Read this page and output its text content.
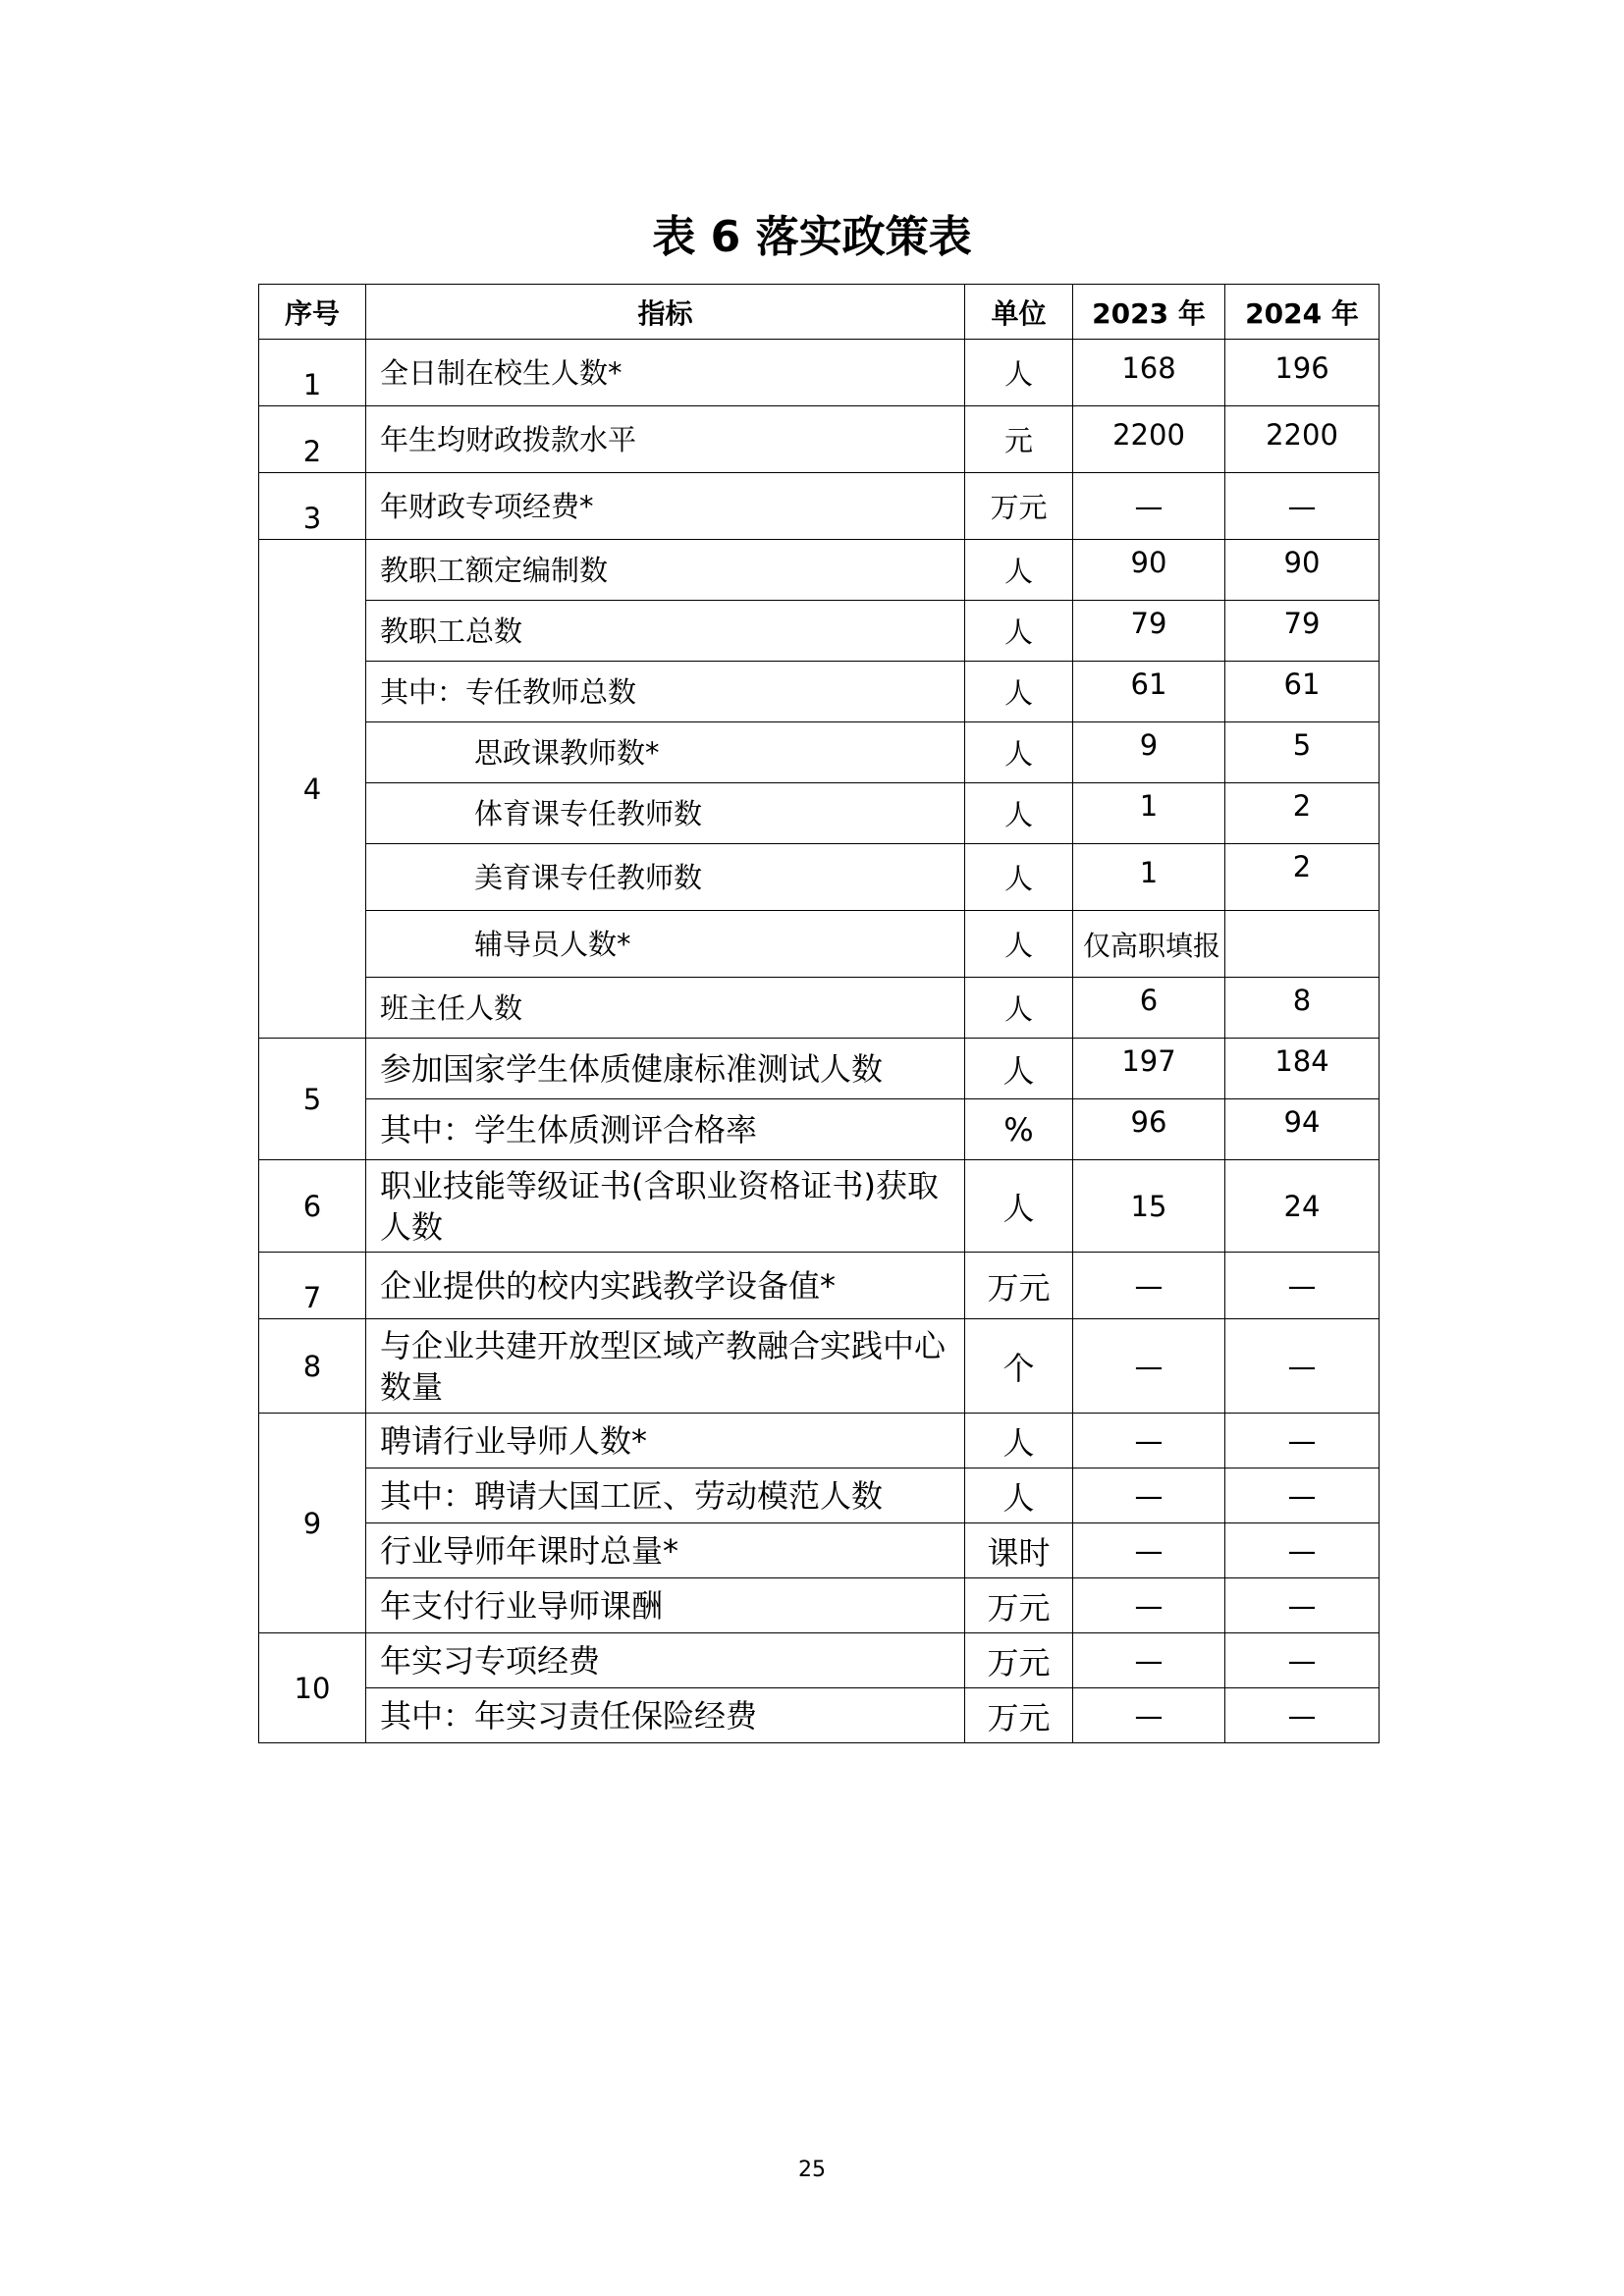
表 6 落实政策表
序号	指标	单位	2023 年	2024 年
1	全日制在校生人数*	人	168	196
2	年生均财政拨款水平	元	2200	2200
3	年财政专项经费*	万元	—	—
4	教职工额定编制数	人	90	90
	教职工总数	人	79	79
	其中：专任教师总数	人	61	61
	思政课教师数*	人	9	5
	体育课专任教师数	人	1	2
	美育课专任教师数	人	1	2
	辅导员人数*	人	仅高职填报	
	班主任人数	人	6	8
5	参加国家学生体质健康标准测试人数	人	197	184
	其中：学生体质测评合格率	%	96	94
6	职业技能等级证书(含职业资格证书)获取人数	人	15	24
7	企业提供的校内实践教学设备值*	万元	—	—
8	与企业共建开放型区域产教融合实践中心数量	个	—	—
9	聘请行业导师人数*	人	—	—
	其中：聘请大国工匠、劳动模范人数	人	—	—
	行业导师年课时总量*	课时	—	—
	年支付行业导师课酬	万元	—	—
10	年实习专项经费	万元	—	—
	其中：年实习责任保险经费	万元	—	—
25
